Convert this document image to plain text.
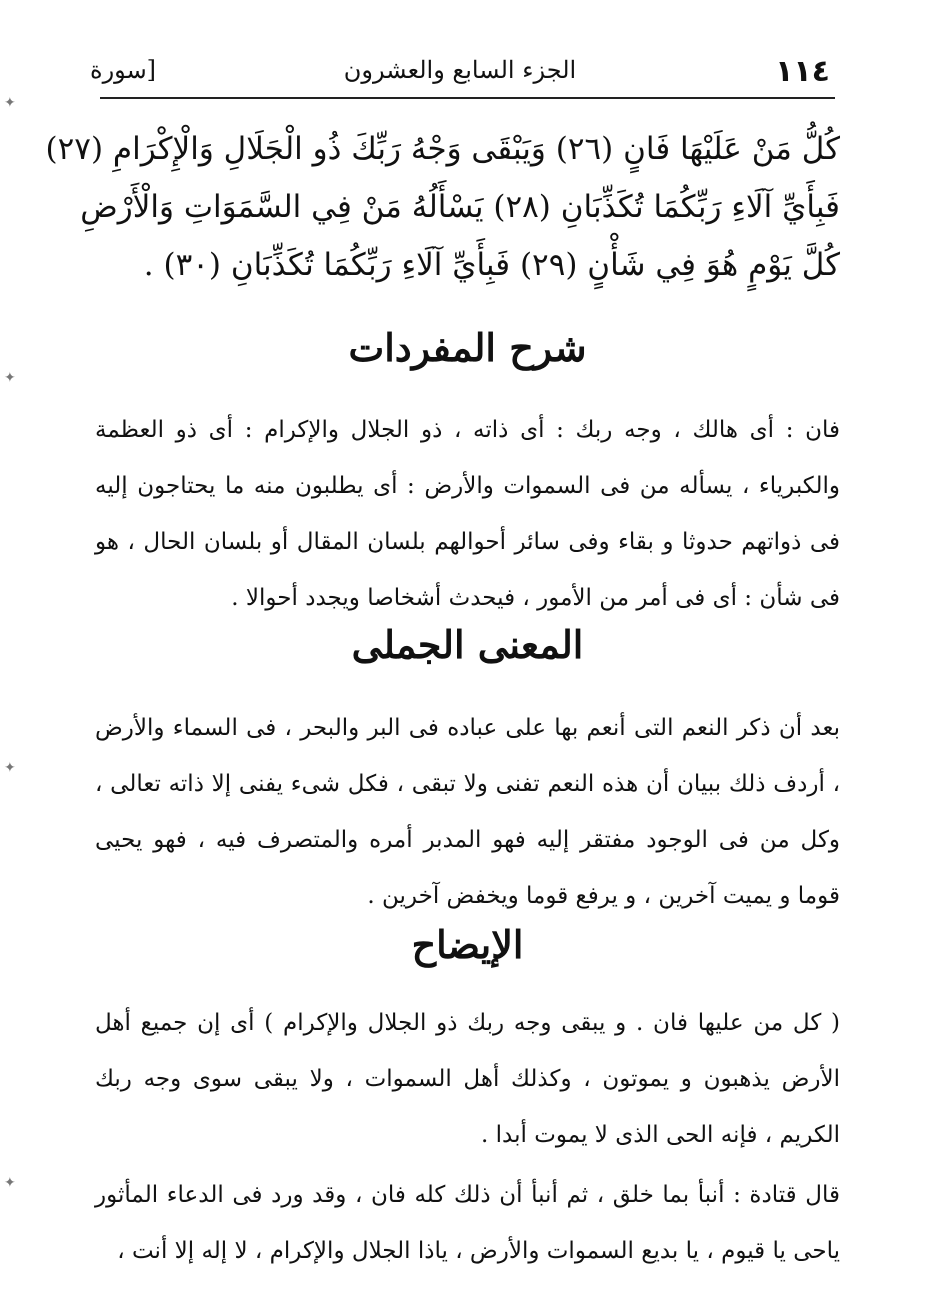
✦
✦
✦
✦
١١٤
الجزء السابع والعشرون
[سورة
كُلُّ مَنْ عَلَيْهَا فَانٍ (٢٦) وَيَبْقَى وَجْهُ رَبِّكَ ذُو الْجَلَالِ وَالْإِكْرَامِ (٢٧)
فَبِأَيِّ آلَاءِ رَبِّكُمَا تُكَذِّبَانِ (٢٨) يَسْأَلُهُ مَنْ فِي السَّمَوَاتِ وَالْأَرْضِ
كُلَّ يَوْمٍ هُوَ فِي شَأْنٍ (٢٩) فَبِأَيِّ آلَاءِ رَبِّكُمَا تُكَذِّبَانِ (٣٠) .
شرح المفردات

فان : أى هالك ، وجه ربك : أى ذاته ، ذو الجلال والإكرام : أى ذو العظمة والكبرياء ، يسأله من فى السموات والأرض : أى يطلبون منه ما يحتاجون إليه فى ذواتهم حدوثا و بقاء وفى سائر أحوالهم بلسان المقال أو بلسان الحال ، هو فى شأن : أى فى أمر من الأمور ، فيحدث أشخاصا ويجدد أحوالا .

المعنى الجملى

بعد أن ذكر النعم التى أنعم بها على عباده فى البر والبحر ، فى السماء والأرض ، أردف ذلك ببيان أن هذه النعم تفنى ولا تبقى ، فكل شىء يفنى إلا ذاته تعالى ، وكل من فى الوجود مفتقر إليه فهو المدبر أمره والمتصرف فيه ، فهو يحيى قوما و يميت آخرين ، و يرفع قوما ويخفض آخرين .

الإيضاح

( كل من عليها فان . و يبقى وجه ربك ذو الجلال والإكرام ) أى إن جميع أهل الأرض يذهبون و يموتون ، وكذلك أهل السموات ، ولا يبقى سوى وجه ربك الكريم ، فإنه الحى الذى لا يموت أبدا .

قال قتادة : أنبأ بما خلق ، ثم أنبأ أن ذلك كله فان ، وقد ورد فى الدعاء المأثور ياحى يا قيوم ، يا بديع السموات والأرض ، ياذا الجلال والإكرام ، لا إله إلا أنت ،
